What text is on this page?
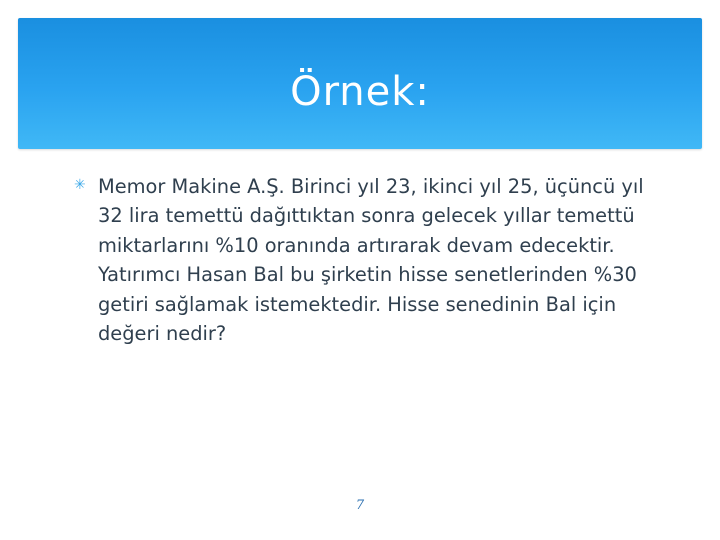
Örnek:
✳ Memor Makine A.Ş. Birinci yıl 23, ikinci yıl 25, üçüncü yıl
32 lira temettü dağıttıktan sonra gelecek yıllar temettü
miktarlarını %10 oranında artırarak devam edecektir.
Yatırımcı Hasan Bal bu şirketin hisse senetlerinden %30
getiri sağlamak istemektedir. Hisse senedinin Bal için
değeri nedir?

7
